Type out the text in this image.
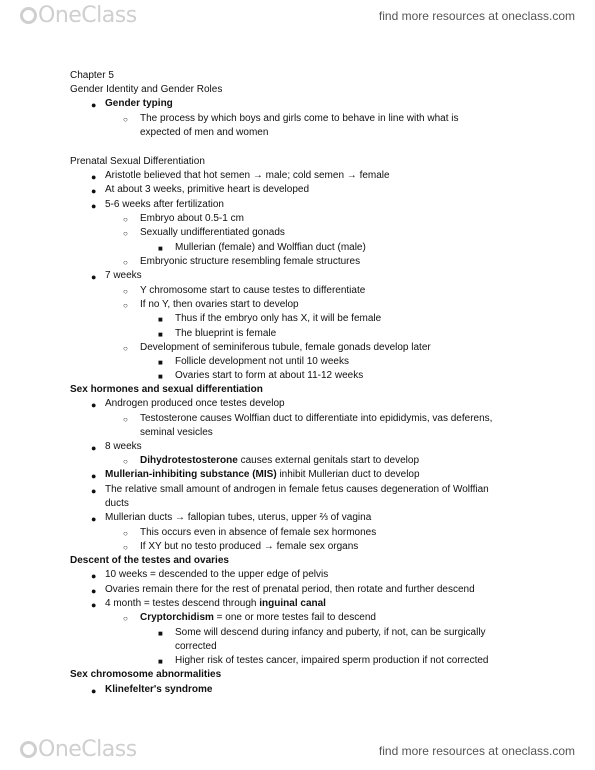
OneClass	find more resources at oneclass.com
Chapter 5
Gender Identity and Gender Roles
● Gender typing
○ The process by which boys and girls come to behave in line with what is
expected of men and women
Prenatal Sexual Differentiation
● Aristotle believed that hot semen → male; cold semen → female
● At about 3 weeks, primitive heart is developed
● 5-6 weeks after fertilization
○ Embryo about 0.5-1 cm
○ Sexually undifferentiated gonads
■ Mullerian (female) and Wolffian duct (male)
○ Embryonic structure resembling female structures
● 7 weeks
○ Y chromosome start to cause testes to differentiate
○ If no Y, then ovaries start to develop
■ Thus if the embryo only has X, it will be female
■ The blueprint is female
○ Development of seminiferous tubule, female gonads develop later
■ Follicle development not until 10 weeks
■ Ovaries start to form at about 11-12 weeks
Sex hormones and sexual differentiation
● Androgen produced once testes develop
○ Testosterone causes Wolffian duct to differentiate into epididymis, vas deferens,
seminal vesicles
● 8 weeks
○ Dihydrotestosterone causes external genitals start to develop
● Mullerian-inhibiting substance (MIS) inhibit Mullerian duct to develop
● The relative small amount of androgen in female fetus causes degeneration of Wolffian
ducts
● Mullerian ducts → fallopian tubes, uterus, upper ⅔ of vagina
○ This occurs even in absence of female sex hormones
○ If XY but no testo produced → female sex organs
Descent of the testes and ovaries
● 10 weeks = descended to the upper edge of pelvis
● Ovaries remain there for the rest of prenatal period, then rotate and further descend
● 4 month = testes descend through inguinal canal
○ Cryptorchidism = one or more testes fail to descend
■ Some will descend during infancy and puberty, if not, can be surgically
corrected
■ Higher risk of testes cancer, impaired sperm production if not corrected
Sex chromosome abnormalities
● Klinefelter's syndrome
OneClass	find more resources at oneclass.com
